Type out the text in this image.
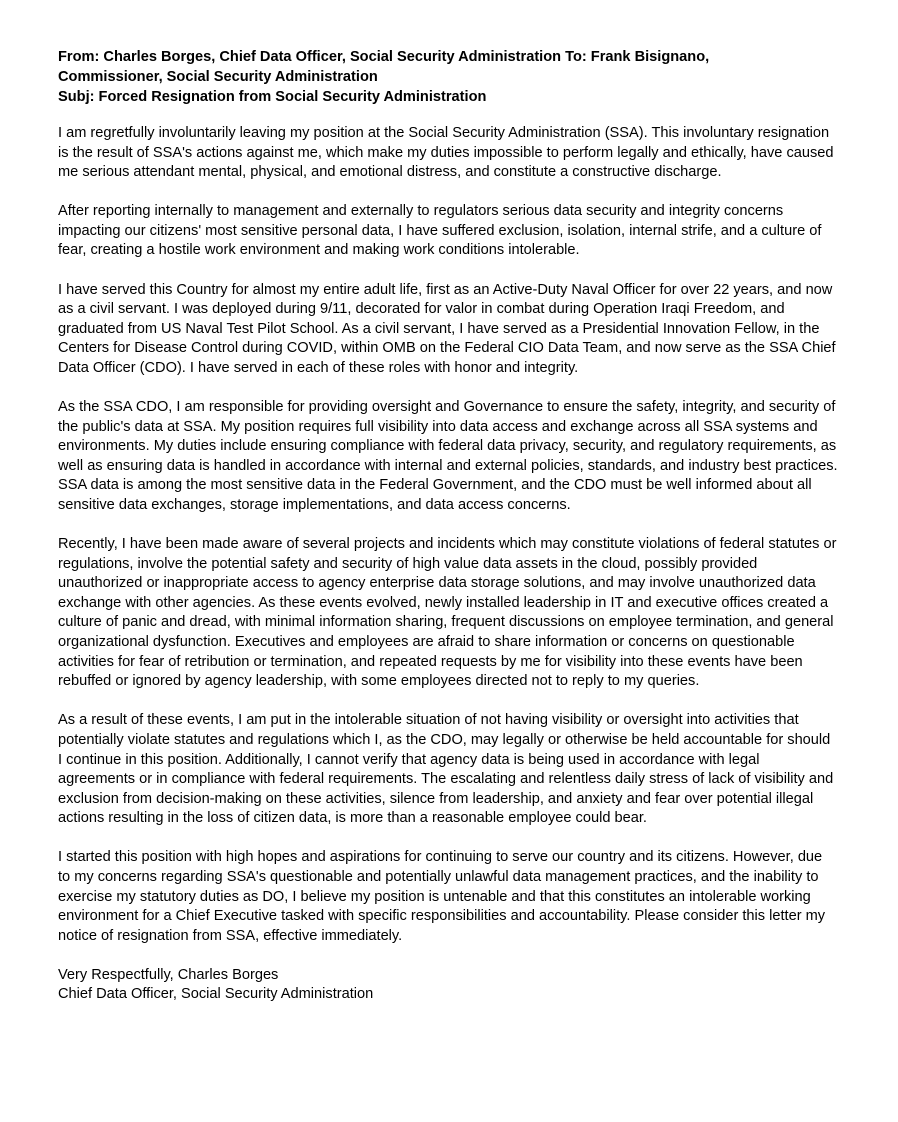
From: Charles Borges, Chief Data Officer, Social Security Administration To: Frank Bisignano,
Commissioner, Social Security Administration
Subj: Forced Resignation from Social Security Administration

I am regretfully involuntarily leaving my position at the Social Security Administration (SSA). This involuntary resignation is the result of SSA's actions against me, which make my duties impossible to perform legally and ethically, have caused me serious attendant mental, physical, and emotional distress, and constitute a constructive discharge.

After reporting internally to management and externally to regulators serious data security and integrity concerns impacting our citizens' most sensitive personal data, I have suffered exclusion, isolation, internal strife, and a culture of fear, creating a hostile work environment and making work conditions intolerable.

I have served this Country for almost my entire adult life, first as an Active-Duty Naval Officer for over 22 years, and now as a civil servant. I was deployed during 9/11, decorated for valor in combat during Operation Iraqi Freedom, and graduated from US Naval Test Pilot School. As a civil servant, I have served as a Presidential Innovation Fellow, in the Centers for Disease Control during COVID, within OMB on the Federal CIO Data Team, and now serve as the SSA Chief Data Officer (CDO). I have served in each of these roles with honor and integrity.

As the SSA CDO, I am responsible for providing oversight and Governance to ensure the safety, integrity, and security of the public's data at SSA. My position requires full visibility into data access and exchange across all SSA systems and environments. My duties include ensuring compliance with federal data privacy, security, and regulatory requirements, as well as ensuring data is handled in accordance with internal and external policies, standards, and industry best practices. SSA data is among the most sensitive data in the Federal Government, and the CDO must be well informed about all sensitive data exchanges, storage implementations, and data access concerns.

Recently, I have been made aware of several projects and incidents which may constitute violations of federal statutes or regulations, involve the potential safety and security of high value data assets in the cloud, possibly provided unauthorized or inappropriate access to agency enterprise data storage solutions, and may involve unauthorized data exchange with other agencies. As these events evolved, newly installed leadership in IT and executive offices created a culture of panic and dread, with minimal information sharing, frequent discussions on employee termination, and general organizational dysfunction. Executives and employees are afraid to share information or concerns on questionable activities for fear of retribution or termination, and repeated requests by me for visibility into these events have been rebuffed or ignored by agency leadership, with some employees directed not to reply to my queries.

As a result of these events, I am put in the intolerable situation of not having visibility or oversight into activities that potentially violate statutes and regulations which I, as the CDO, may legally or otherwise be held accountable for should I continue in this position. Additionally, I cannot verify that agency data is being used in accordance with legal agreements or in compliance with federal requirements. The escalating and relentless daily stress of lack of visibility and exclusion from decision-making on these activities, silence from leadership, and anxiety and fear over potential illegal actions resulting in the loss of citizen data, is more than a reasonable employee could bear.

I started this position with high hopes and aspirations for continuing to serve our country and its citizens. However, due to my concerns regarding SSA's questionable and potentially unlawful data management practices, and the inability to exercise my statutory duties as DO, I believe my position is untenable and that this constitutes an intolerable working environment for a Chief Executive tasked with specific responsibilities and accountability. Please consider this letter my notice of resignation from SSA, effective immediately.

Very Respectfully, Charles Borges
Chief Data Officer, Social Security Administration
